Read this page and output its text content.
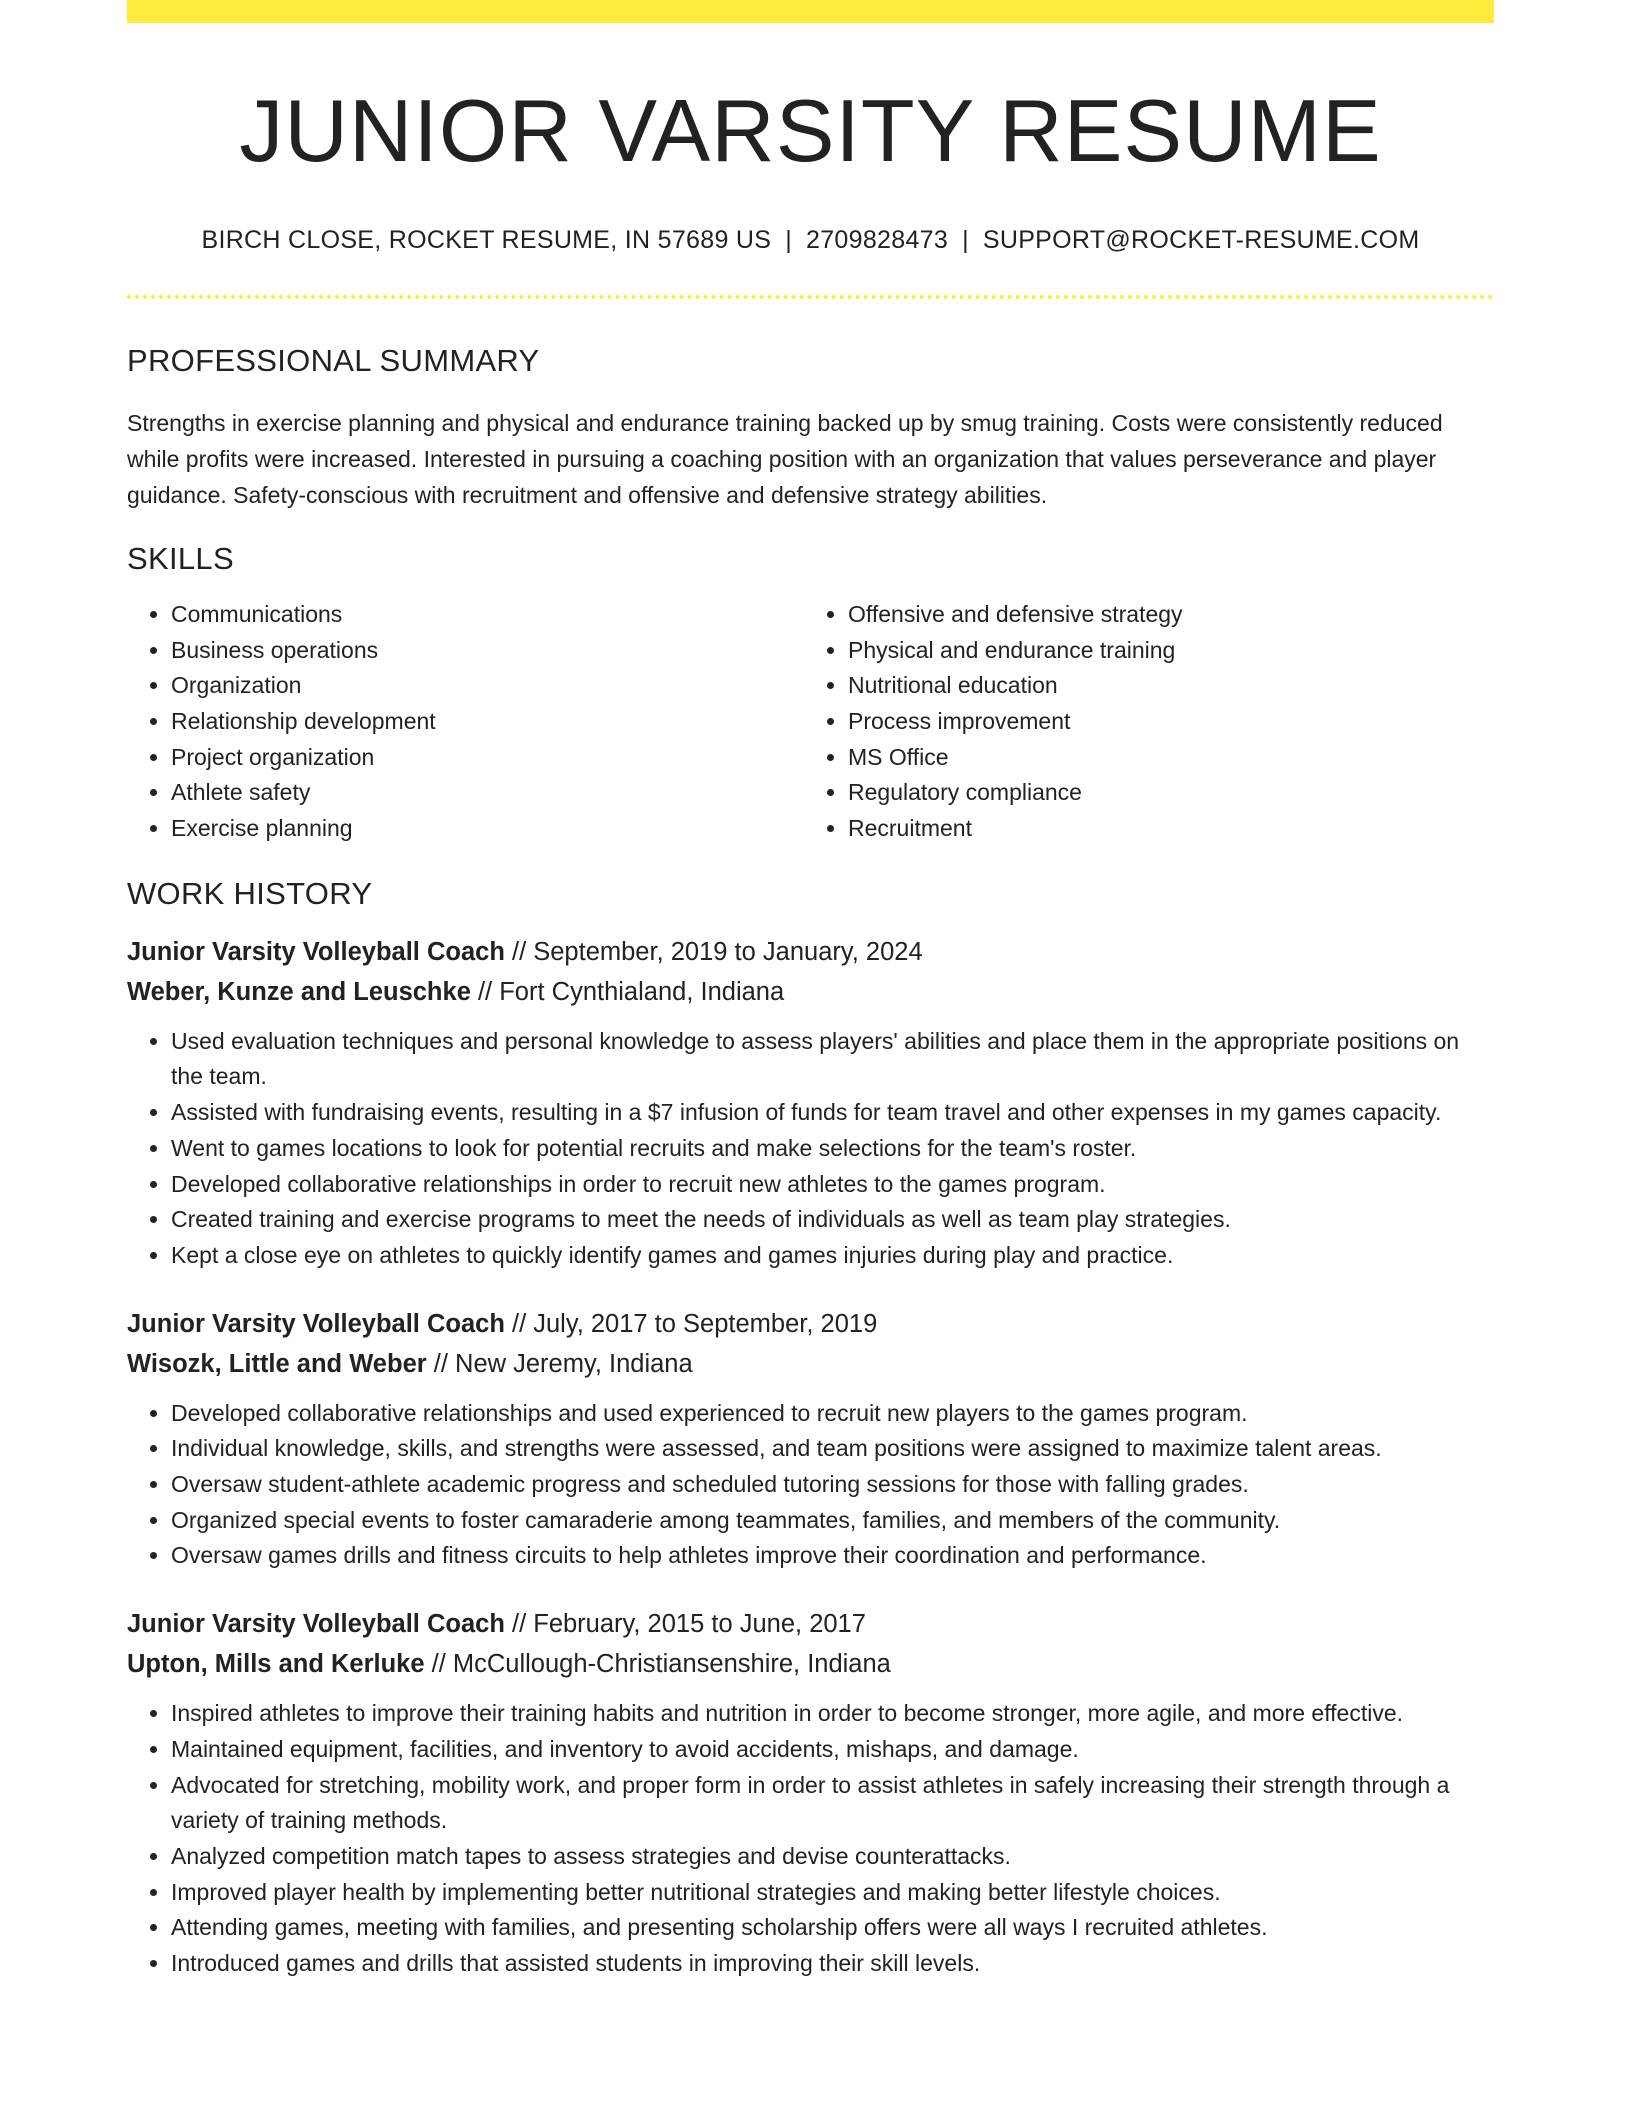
JUNIOR VARSITY RESUME
BIRCH CLOSE, ROCKET RESUME, IN 57689 US | 2709828473 | SUPPORT@ROCKET-RESUME.COM
PROFESSIONAL SUMMARY

Strengths in exercise planning and physical and endurance training backed up by smug training. Costs were consistently reduced while profits were increased. Interested in pursuing a coaching position with an organization that values perseverance and player guidance. Safety-conscious with recruitment and offensive and defensive strategy abilities.

SKILLS
• Communications
• Business operations
• Organization
• Relationship development
• Project organization
• Athlete safety
• Exercise planning
• Offensive and defensive strategy
• Physical and endurance training
• Nutritional education
• Process improvement
• MS Office
• Regulatory compliance
• Recruitment
WORK HISTORY
Junior Varsity Volleyball Coach // September, 2019 to January, 2024
Weber, Kunze and Leuschke // Fort Cynthialand, Indiana
• Used evaluation techniques and personal knowledge to assess players' abilities and place them in the appropriate positions on the team.
• Assisted with fundraising events, resulting in a $7 infusion of funds for team travel and other expenses in my games capacity.
• Went to games locations to look for potential recruits and make selections for the team's roster.
• Developed collaborative relationships in order to recruit new athletes to the games program.
• Created training and exercise programs to meet the needs of individuals as well as team play strategies.
• Kept a close eye on athletes to quickly identify games and games injuries during play and practice.
Junior Varsity Volleyball Coach // July, 2017 to September, 2019
Wisozk, Little and Weber // New Jeremy, Indiana
• Developed collaborative relationships and used experienced to recruit new players to the games program.
• Individual knowledge, skills, and strengths were assessed, and team positions were assigned to maximize talent areas.
• Oversaw student-athlete academic progress and scheduled tutoring sessions for those with falling grades.
• Organized special events to foster camaraderie among teammates, families, and members of the community.
• Oversaw games drills and fitness circuits to help athletes improve their coordination and performance.
Junior Varsity Volleyball Coach // February, 2015 to June, 2017
Upton, Mills and Kerluke // McCullough-Christiansenshire, Indiana
• Inspired athletes to improve their training habits and nutrition in order to become stronger, more agile, and more effective.
• Maintained equipment, facilities, and inventory to avoid accidents, mishaps, and damage.
• Advocated for stretching, mobility work, and proper form in order to assist athletes in safely increasing their strength through a variety of training methods.
• Analyzed competition match tapes to assess strategies and devise counterattacks.
• Improved player health by implementing better nutritional strategies and making better lifestyle choices.
• Attending games, meeting with families, and presenting scholarship offers were all ways I recruited athletes.
• Introduced games and drills that assisted students in improving their skill levels.
